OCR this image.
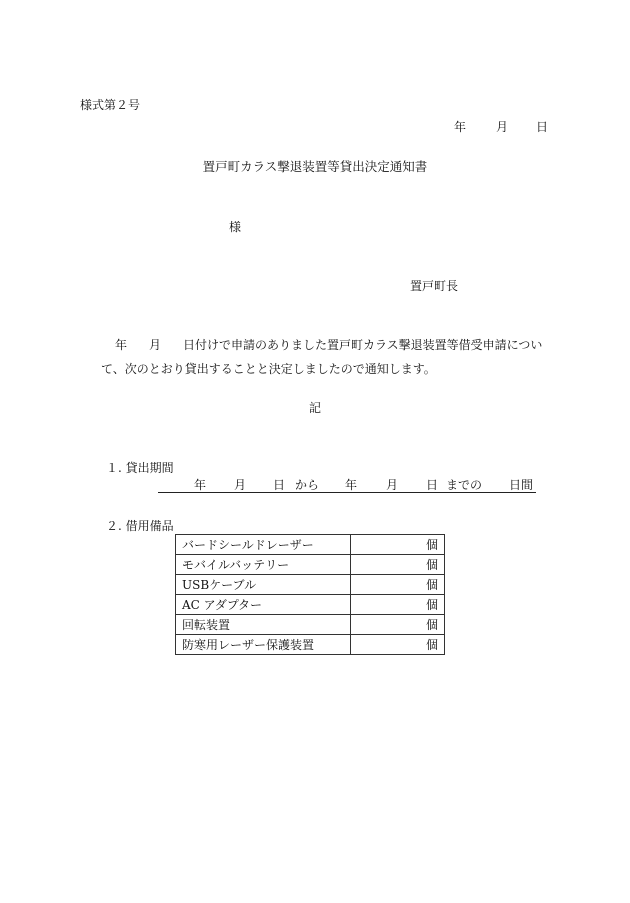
様式第２号
年	月 日
置戸町カラス撃退装置等貸出決定通知書
様
置戸町長
年 月 日付けで申請のありました置戸町カラス撃退装置等借受申請について、次のとおり貸出することと決定しましたので通知します。
記
１. 貸出期間
年 月 日 から 年 月 日 までの 日間
２. 借用備品
バードシールドレーザー	個
モバイルバッテリー	個
USBケーブル	個
AC アダプター	個
回転装置	個
防寒用レーザー保護装置	個
